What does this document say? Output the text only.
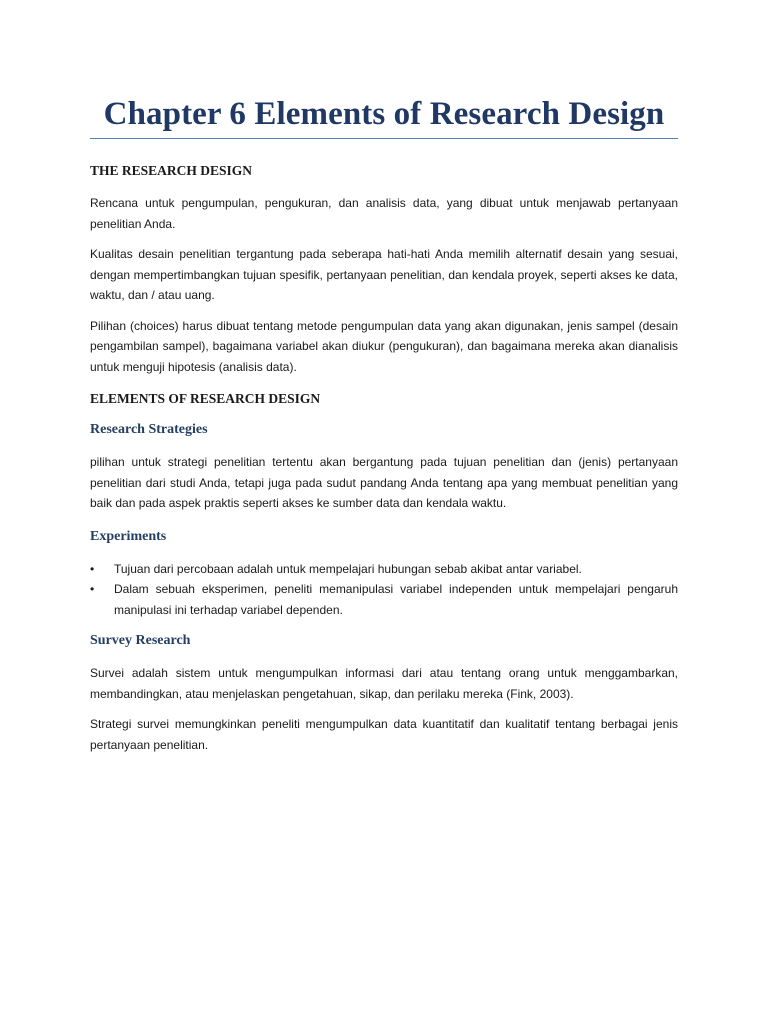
Chapter 6 Elements of Research Design
THE RESEARCH DESIGN

Rencana untuk pengumpulan, pengukuran, dan analisis data, yang dibuat untuk menjawab pertanyaan penelitian Anda.

Kualitas desain penelitian tergantung pada seberapa hati-hati Anda memilih alternatif desain yang sesuai, dengan mempertimbangkan tujuan spesifik, pertanyaan penelitian, dan kendala proyek, seperti akses ke data, waktu, dan / atau uang.

Pilihan (choices) harus dibuat tentang metode pengumpulan data yang akan digunakan, jenis sampel (desain pengambilan sampel), bagaimana variabel akan diukur (pengukuran), dan bagaimana mereka akan dianalisis untuk menguji hipotesis (analisis data).

ELEMENTS OF RESEARCH DESIGN
Research Strategies

pilihan untuk strategi penelitian tertentu akan bergantung pada tujuan penelitian dan (jenis) pertanyaan penelitian dari studi Anda, tetapi juga pada sudut pandang Anda tentang apa yang membuat penelitian yang baik dan pada aspek praktis seperti akses ke sumber data dan kendala waktu.

Experiments
•	Tujuan dari percobaan adalah untuk mempelajari hubungan sebab akibat antar variabel.
•	Dalam sebuah eksperimen, peneliti memanipulasi variabel independen untuk mempelajari pengaruh manipulasi ini terhadap variabel dependen.
Survey Research

Survei adalah sistem untuk mengumpulkan informasi dari atau tentang orang untuk menggambarkan, membandingkan, atau menjelaskan pengetahuan, sikap, dan perilaku mereka (Fink, 2003).

Strategi survei memungkinkan peneliti mengumpulkan data kuantitatif dan kualitatif tentang berbagai jenis pertanyaan penelitian.
